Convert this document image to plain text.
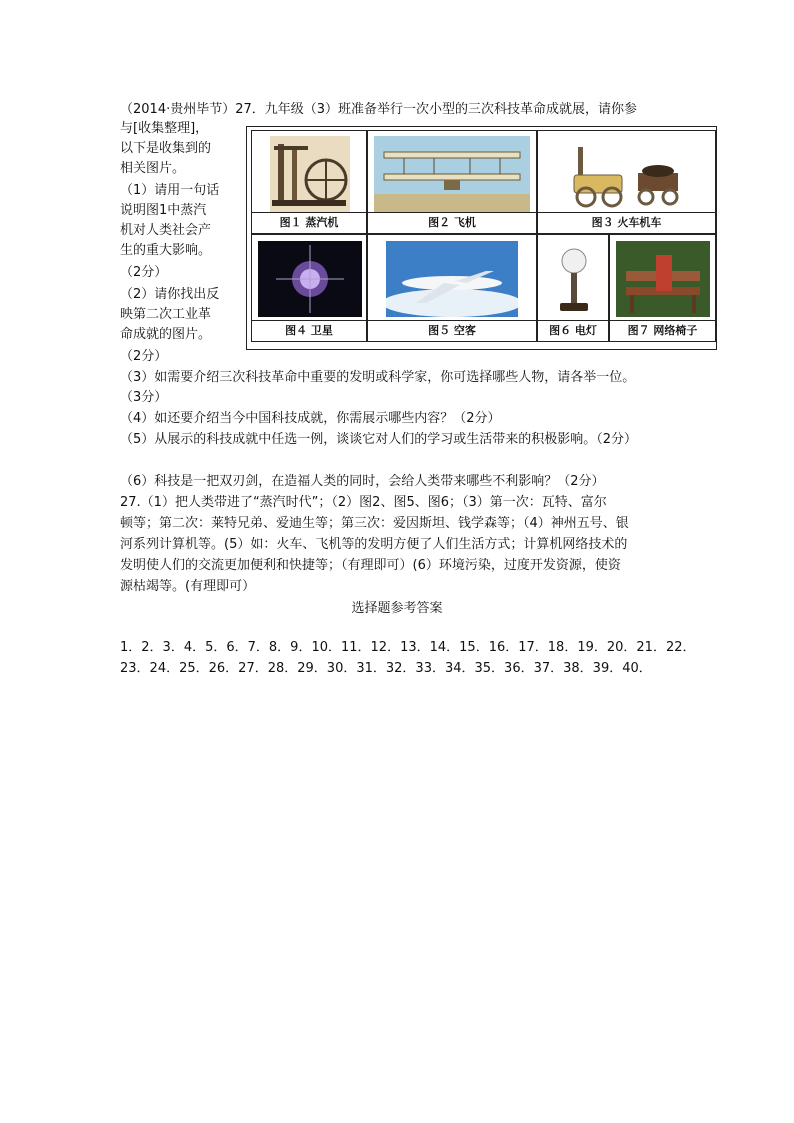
（2014·贵州毕节）27．九年级（3）班准备举行一次小型的三次科技革命成就展，请你参
与[收集整理]，
以下是收集到的
相关图片。
（1）请用一句话
说明图1中蒸汽
机对人类社会产
生的重大影响。
（2分）
（2）请你找出反
映第二次工业革
命成就的图片。
图１ 蒸汽机	图２ 飞机	图３ 火车机车
图４ 卫星	图５ 空客	图６ 电灯	图７ 网络椅子
（2分）
（3）如需要介绍三次科技革命中重要的发明或科学家，你可选择哪些人物，请各举一位。
（3分）
（4）如还要介绍当今中国科技成就，你需展示哪些内容？（2分）
（5）从展示的科技成就中任选一例，谈谈它对人们的学习或生活带来的积极影响。（2分）
（6）科技是一把双刃剑，在造福人类的同时，会给人类带来哪些不利影响？（2分）
27.（1）把人类带进了“蒸汽时代”；（2）图2、图5、图6；（3）第一次：瓦特、富尔
顿等；第二次：莱特兄弟、爱迪生等；第三次：爱因斯坦、钱学森等；（4）神州五号、银
河系列计算机等。(5）如：火车、飞机等的发明方便了人们生活方式；计算机网络技术的
发明使人们的交流更加便利和快捷等；（有理即可）(6）环境污染，过度开发资源，使资
源枯竭等。(有理即可）
选择题参考答案
1．2．3．4．5．6．7．8．9．10．11．12．13．14．15．16．17．18．19．20．21．22．
23．24．25．26．27．28．29．30．31．32．33．34．35．36．37．38．39．40．
